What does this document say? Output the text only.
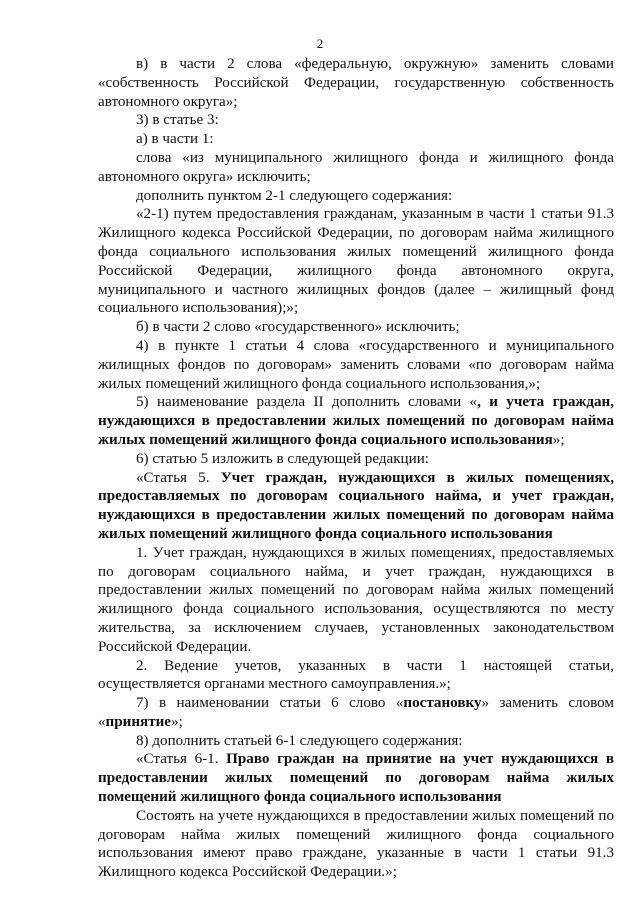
2

в) в части 2 слова «федеральную, окружную» заменить словами «собственность Российской Федерации, государственную собственность автономного округа»;

3) в статье 3:

а) в части 1:

слова «из муниципального жилищного фонда и жилищного фонда автономного округа» исключить;

дополнить пунктом 2-1 следующего содержания:

«2-1) путем предоставления гражданам, указанным в части 1 статьи 91.3 Жилищного кодекса Российской Федерации, по договорам найма жилищного фонда социального использования жилых помещений жилищного фонда Российской Федерации, жилищного фонда автономного округа, муниципального и частного жилищных фондов (далее – жилищный фонд социального использования);»;

б) в части 2 слово «государственного» исключить;

4) в пункте 1 статьи 4 слова «государственного и муниципального жилищных фондов по договорам» заменить словами «по договорам найма жилых помещений жилищного фонда социального использования,»;

5) наименование раздела II дополнить словами «, и учета граждан, нуждающихся в предоставлении жилых помещений по договорам найма жилых помещений жилищного фонда социального использования»;

6) статью 5 изложить в следующей редакции:

«Статья 5. Учет граждан, нуждающихся в жилых помещениях, предоставляемых по договорам социального найма, и учет граждан, нуждающихся в предоставлении жилых помещений по договорам найма жилых помещений жилищного фонда социального использования

1. Учет граждан, нуждающихся в жилых помещениях, предоставляемых по договорам социального найма, и учет граждан, нуждающихся в предоставлении жилых помещений по договорам найма жилых помещений жилищного фонда социального использования, осуществляются по месту жительства, за исключением случаев, установленных законодательством Российской Федерации.

2. Ведение учетов, указанных в части 1 настоящей статьи, осуществляется органами местного самоуправления.»;

7) в наименовании статьи 6 слово «постановку» заменить словом «принятие»;

8) дополнить статьей 6-1 следующего содержания:

«Статья 6-1. Право граждан на принятие на учет нуждающихся в предоставлении жилых помещений по договорам найма жилых помещений жилищного фонда социального использования

Состоять на учете нуждающихся в предоставлении жилых помещений по договорам найма жилых помещений жилищного фонда социального использования имеют право граждане, указанные в части 1 статьи 91.3 Жилищного кодекса Российской Федерации.»;
